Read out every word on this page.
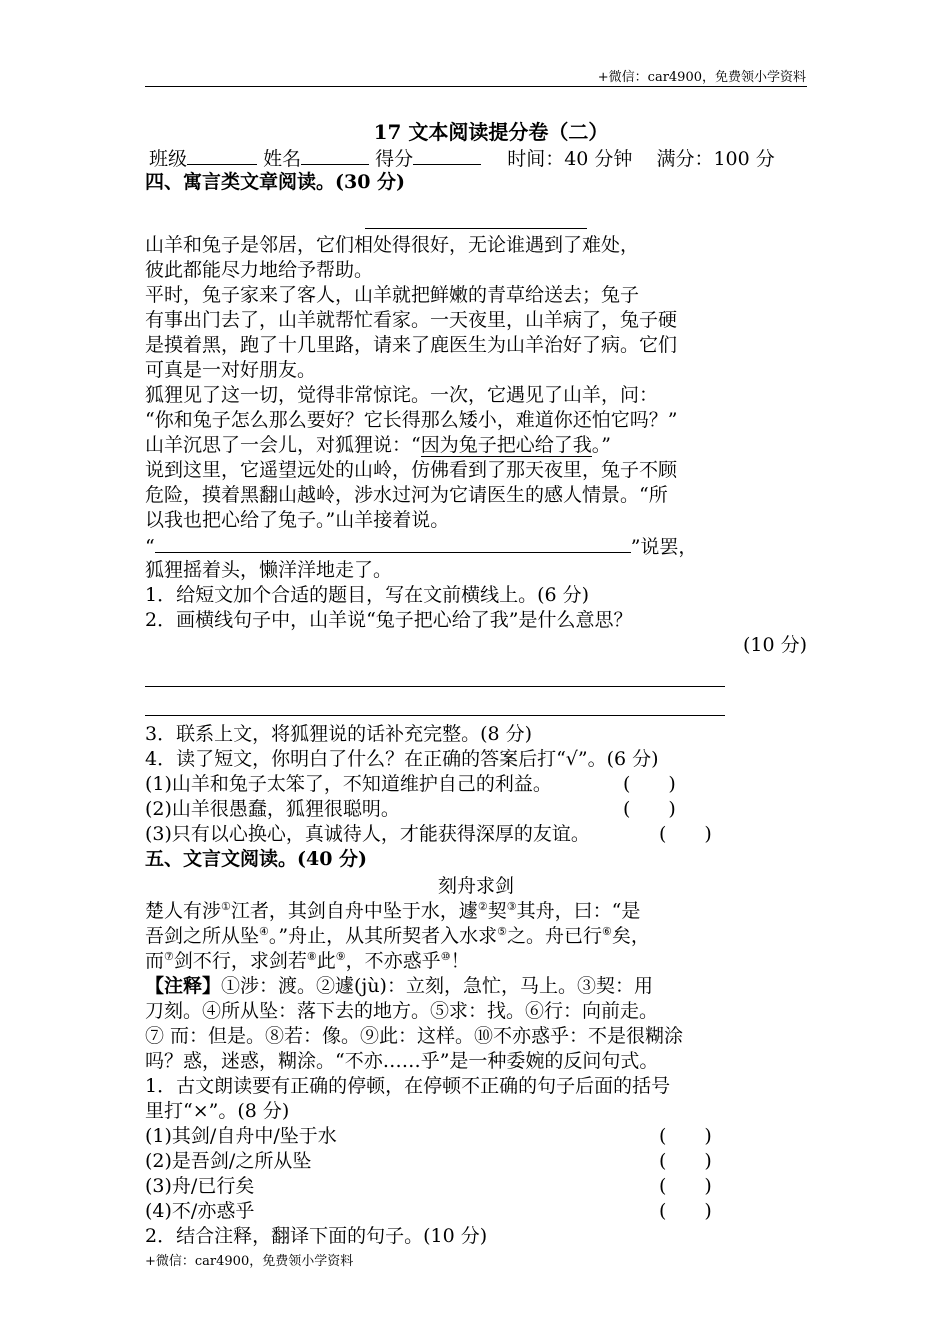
+微信：car4900，免费领小学资料
17 文本阅读提分卷（二）
班级	姓名	得分	时间：40 分钟 满分：100 分
四、寓言类文章阅读。(30 分)
山羊和兔子是邻居，它们相处得很好，无论谁遇到了难处，
彼此都能尽力地给予帮助。
平时，兔子家来了客人，山羊就把鲜嫩的青草给送去；兔子
有事出门去了，山羊就帮忙看家。一天夜里，山羊病了，兔子硬
是摸着黑，跑了十几里路，请来了鹿医生为山羊治好了病。它们
可真是一对好朋友。
狐狸见了这一切，觉得非常惊诧。一次，它遇见了山羊，问：
“你和兔子怎么那么要好？它长得那么矮小，难道你还怕它吗？”
山羊沉思了一会儿，对狐狸说：“因为兔子把心给了我。”
说到这里，它遥望远处的山岭，仿佛看到了那天夜里，兔子不顾
危险，摸着黑翻山越岭，涉水过河为它请医生的感人情景。“所
以我也把心给了兔子。”山羊接着说。
“	”说罢，
狐狸摇着头，懒洋洋地走了。
1．给短文加个合适的题目，写在文前横线上。(6 分)
2．画横线句子中，山羊说“兔子把心给了我”是什么意思？
(10 分)
3．联系上文，将狐狸说的话补充完整。(8 分)
4．读了短文，你明白了什么？在正确的答案后打“√”。(6 分)
(1)山羊和兔子太笨了，不知道维护自己的利益。	(　　)
(2)山羊很愚蠢，狐狸很聪明。	(　　)
(3)只有以心换心，真诚待人，才能获得深厚的友谊。	(　　)
五、文言文阅读。(40 分)
刻舟求剑
楚人有涉①江者，其剑自舟中坠于水，遽②契③其舟，曰：“是
吾剑之所从坠④。”舟止，从其所契者入水求⑤之。舟已行⑥矣，
而⑦剑不行，求剑若⑧此⑨，不亦惑乎⑩！
【注释】①涉：渡。②遽(jù)：立刻，急忙，马上。③契：用
刀刻。④所从坠：落下去的地方。⑤求：找。⑥行：向前走。
⑦ 而：但是。⑧若：像。⑨此：这样。⑩不亦惑乎：不是很糊涂
吗？惑，迷惑，糊涂。“不亦……乎”是一种委婉的反问句式。
1．古文朗读要有正确的停顿，在停顿不正确的句子后面的括号
里打“×”。(8 分)
(1)其剑/自舟中/坠于水	(　　)
(2)是吾剑/之所从坠	(　　)
(3)舟/已行矣	(　　)
(4)不/亦惑乎	(　　)
2．结合注释，翻译下面的句子。(10 分)
+微信：car4900，免费领小学资料
